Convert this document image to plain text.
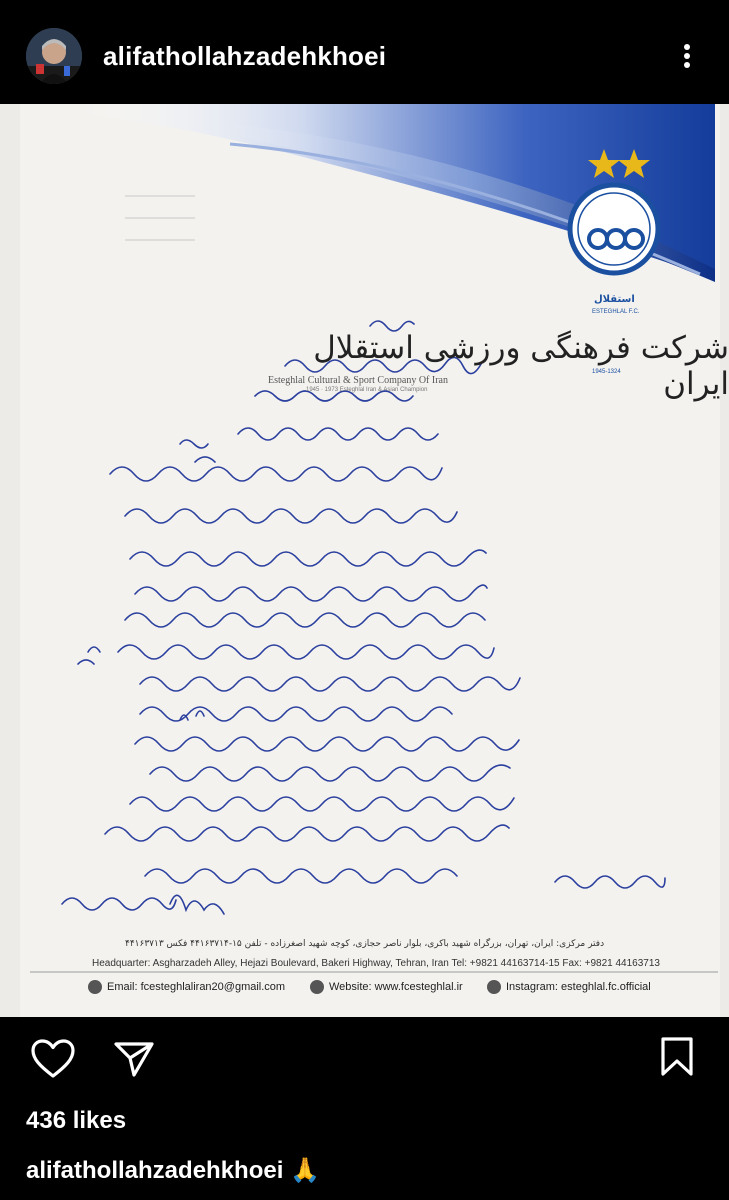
alifathollahzadehkhoei
شرکت فرهنگی ورزشی استقلال ایران
Esteghlal Cultural & Sport Company Of Iran
1945 · 1973 Esteghlal Iran & Asian Champion
استقلال
ESTEGHLAL F.C.
1945-1324
دفتر مرکزی: ایران، تهران، بزرگراه شهید باکری، بلوار ناصر حجازی، کوچه شهید اصغرزاده - تلفن ۱۵-۴۴۱۶۳۷۱۴ فکس ۴۴۱۶۳۷۱۳
Headquarter: Asgharzadeh Alley, Hejazi Boulevard, Bakeri Highway, Tehran, Iran Tel: +9821 44163714-15 Fax: +9821 44163713
Email: fcesteghlaliran20@gmail.com	Website: www.fcesteghlal.ir	Instagram: esteghlal.fc.official
436 likes
alifathollahzadehkhoei 🙏
